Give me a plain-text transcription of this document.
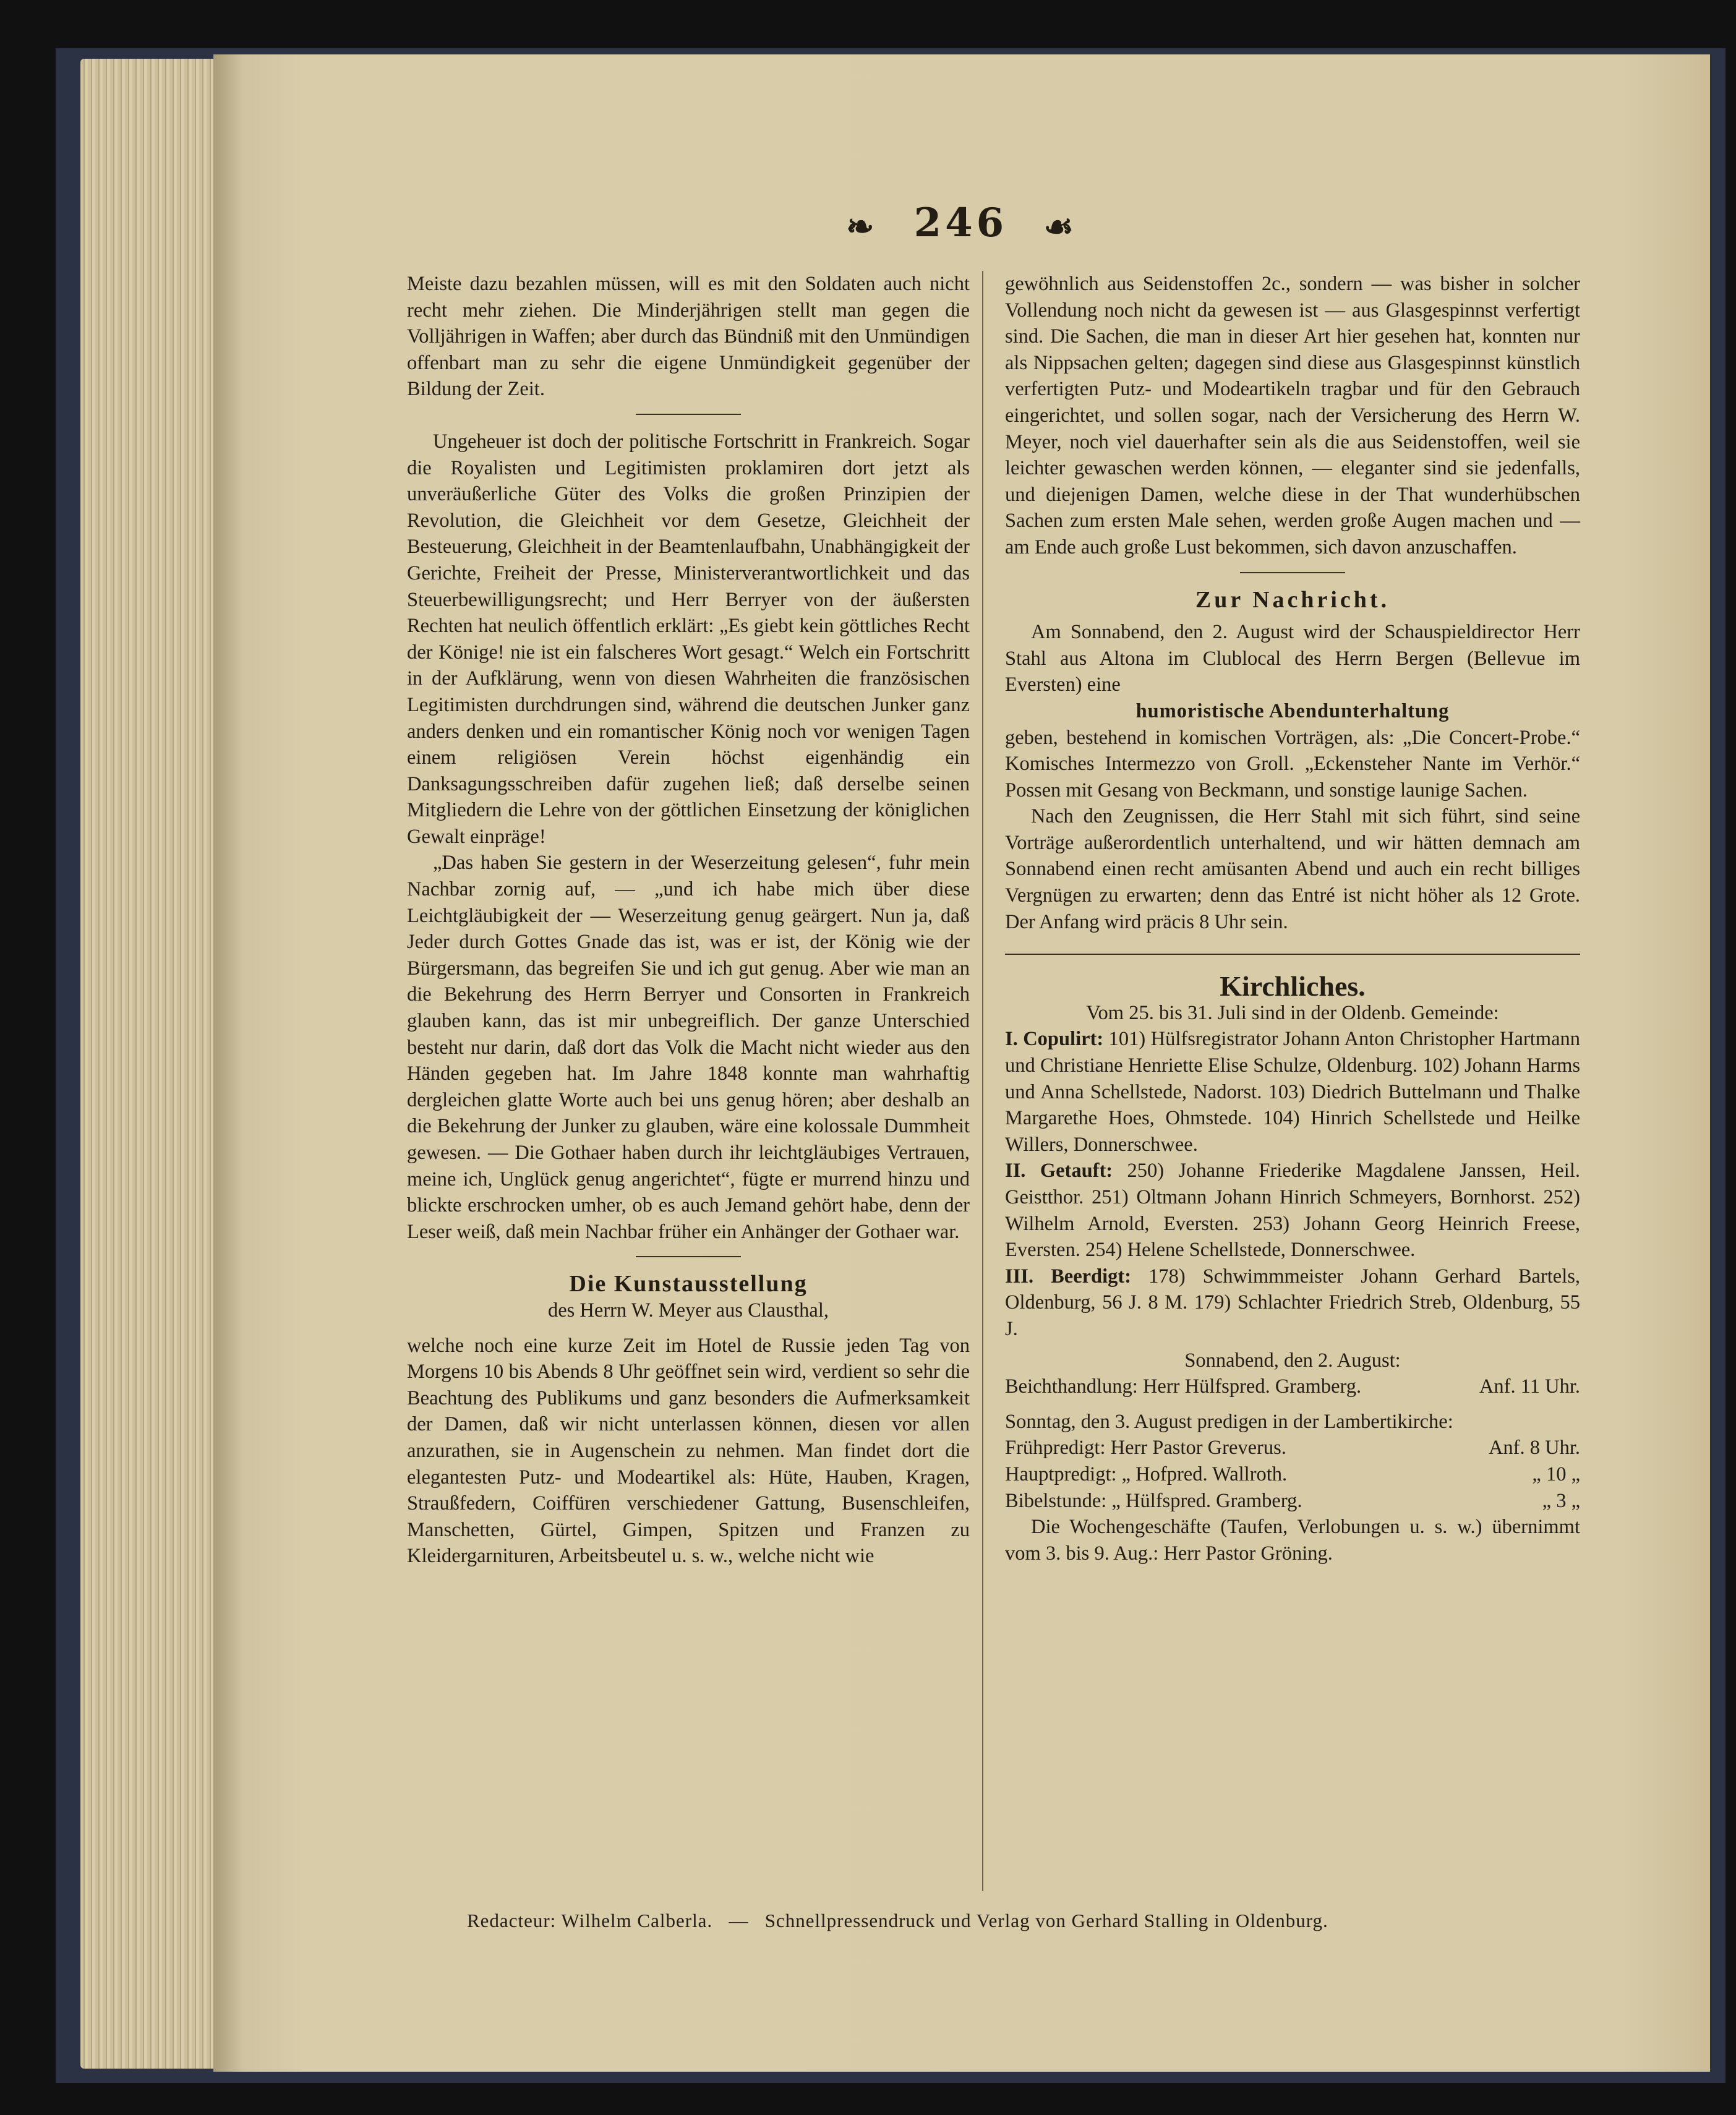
❧ 246 ☙

Meiste dazu bezahlen müssen, will es mit den Soldaten auch nicht recht mehr ziehen. Die Minderjährigen stellt man gegen die Volljährigen in Waffen; aber durch das Bündniß mit den Unmündigen offenbart man zu sehr die eigene Unmündigkeit gegenüber der Bildung der Zeit.

Ungeheuer ist doch der politische Fortschritt in Frankreich. Sogar die Royalisten und Legitimisten proklamiren dort jetzt als unveräußerliche Güter des Volks die großen Prinzipien der Revolution, die Gleichheit vor dem Gesetze, Gleichheit der Besteuerung, Gleichheit in der Beamtenlaufbahn, Unabhängigkeit der Gerichte, Freiheit der Presse, Ministerverantwortlichkeit und das Steuerbewilligungsrecht; und Herr Berryer von der äußersten Rechten hat neulich öffentlich erklärt: „Es giebt kein göttliches Recht der Könige! nie ist ein falscheres Wort gesagt.“ Welch ein Fortschritt in der Aufklärung, wenn von diesen Wahrheiten die französischen Legitimisten durchdrungen sind, während die deutschen Junker ganz anders denken und ein romantischer König noch vor wenigen Tagen einem religiösen Verein höchst eigenhändig ein Danksagungsschreiben dafür zugehen ließ; daß derselbe seinen Mitgliedern die Lehre von der göttlichen Einsetzung der königlichen Gewalt einpräge!

„Das haben Sie gestern in der Weserzeitung gelesen“, fuhr mein Nachbar zornig auf, — „und ich habe mich über diese Leichtgläubigkeit der — Weserzeitung genug geärgert. Nun ja, daß Jeder durch Gottes Gnade das ist, was er ist, der König wie der Bürgersmann, das begreifen Sie und ich gut genug. Aber wie man an die Bekehrung des Herrn Berryer und Consorten in Frankreich glauben kann, das ist mir unbegreiflich. Der ganze Unterschied besteht nur darin, daß dort das Volk die Macht nicht wieder aus den Händen gegeben hat. Im Jahre 1848 konnte man wahrhaftig dergleichen glatte Worte auch bei uns genug hören; aber deshalb an die Bekehrung der Junker zu glauben, wäre eine kolossale Dummheit gewesen. — Die Gothaer haben durch ihr leichtgläubiges Vertrauen, meine ich, Unglück genug angerichtet“, fügte er murrend hinzu und blickte erschrocken umher, ob es auch Jemand gehört habe, denn der Leser weiß, daß mein Nachbar früher ein Anhänger der Gothaer war.

Die Kunstausstellung

des Herrn W. Meyer aus Clausthal,

welche noch eine kurze Zeit im Hotel de Russie jeden Tag von Morgens 10 bis Abends 8 Uhr geöffnet sein wird, verdient so sehr die Beachtung des Publikums und ganz besonders die Aufmerksamkeit der Damen, daß wir nicht unterlassen können, diesen vor allen anzurathen, sie in Augenschein zu nehmen. Man findet dort die elegantesten Putz- und Modeartikel als: Hüte, Hauben, Kragen, Straußfedern, Coiffüren verschiedener Gattung, Busenschleifen, Manschetten, Gürtel, Gimpen, Spitzen und Franzen zu Kleidergarnituren, Arbeitsbeutel u. s. w., welche nicht wie

gewöhnlich aus Seidenstoffen 2c., sondern — was bisher in solcher Vollendung noch nicht da gewesen ist — aus Glasgespinnst verfertigt sind. Die Sachen, die man in dieser Art hier gesehen hat, konnten nur als Nippsachen gelten; dagegen sind diese aus Glasgespinnst künstlich verfertigten Putz- und Modeartikeln tragbar und für den Gebrauch eingerichtet, und sollen sogar, nach der Versicherung des Herrn W. Meyer, noch viel dauerhafter sein als die aus Seidenstoffen, weil sie leichter gewaschen werden können, — eleganter sind sie jedenfalls, und diejenigen Damen, welche diese in der That wunderhübschen Sachen zum ersten Male sehen, werden große Augen machen und — am Ende auch große Lust bekommen, sich davon anzuschaffen.

Zur Nachricht.

Am Sonnabend, den 2. August wird der Schauspieldirector Herr Stahl aus Altona im Clublocal des Herrn Bergen (Bellevue im Eversten) eine

humoristische Abendunterhaltung

geben, bestehend in komischen Vorträgen, als: „Die Concert-Probe.“ Komisches Intermezzo von Groll. „Eckensteher Nante im Verhör.“ Possen mit Gesang von Beckmann, und sonstige launige Sachen.

Nach den Zeugnissen, die Herr Stahl mit sich führt, sind seine Vorträge außerordentlich unterhaltend, und wir hätten demnach am Sonnabend einen recht amüsanten Abend und auch ein recht billiges Vergnügen zu erwarten; denn das Entré ist nicht höher als 12 Grote. Der Anfang wird präcis 8 Uhr sein.

Kirchliches.

Vom 25. bis 31. Juli sind in der Oldenb. Gemeinde:

I. Copulirt: 101) Hülfsregistrator Johann Anton Christopher Hartmann und Christiane Henriette Elise Schulze, Oldenburg. 102) Johann Harms und Anna Schellstede, Nadorst. 103) Diedrich Buttelmann und Thalke Margarethe Hoes, Ohmstede. 104) Hinrich Schellstede und Heilke Willers, Donnerschwee.

II. Getauft: 250) Johanne Friederike Magdalene Janssen, Heil. Geistthor. 251) Oltmann Johann Hinrich Schmeyers, Bornhorst. 252) Wilhelm Arnold, Eversten. 253) Johann Georg Heinrich Freese, Eversten. 254) Helene Schellstede, Donnerschwee.

III. Beerdigt: 178) Schwimmmeister Johann Gerhard Bartels, Oldenburg, 56 J. 8 M. 179) Schlachter Friedrich Streb, Oldenburg, 55 J.

Sonnabend, den 2. August:

Beichthandlung: Herr Hülfspred. Gramberg.	Anf. 11 Uhr.

Sonntag, den 3. August predigen in der Lambertikirche:

Frühpredigt: Herr Pastor Greverus.	Anf. 8 Uhr.
Hauptpredigt: „ Hofpred. Wallroth.	„ 10 „
Bibelstunde: „ Hülfspred. Gramberg.	„ 3 „

Die Wochengeschäfte (Taufen, Verlobungen u. s. w.) übernimmt vom 3. bis 9. Aug.: Herr Pastor Gröning.

Redacteur: Wilhelm Calberla. — Schnellpressendruck und Verlag von Gerhard Stalling in Oldenburg.
